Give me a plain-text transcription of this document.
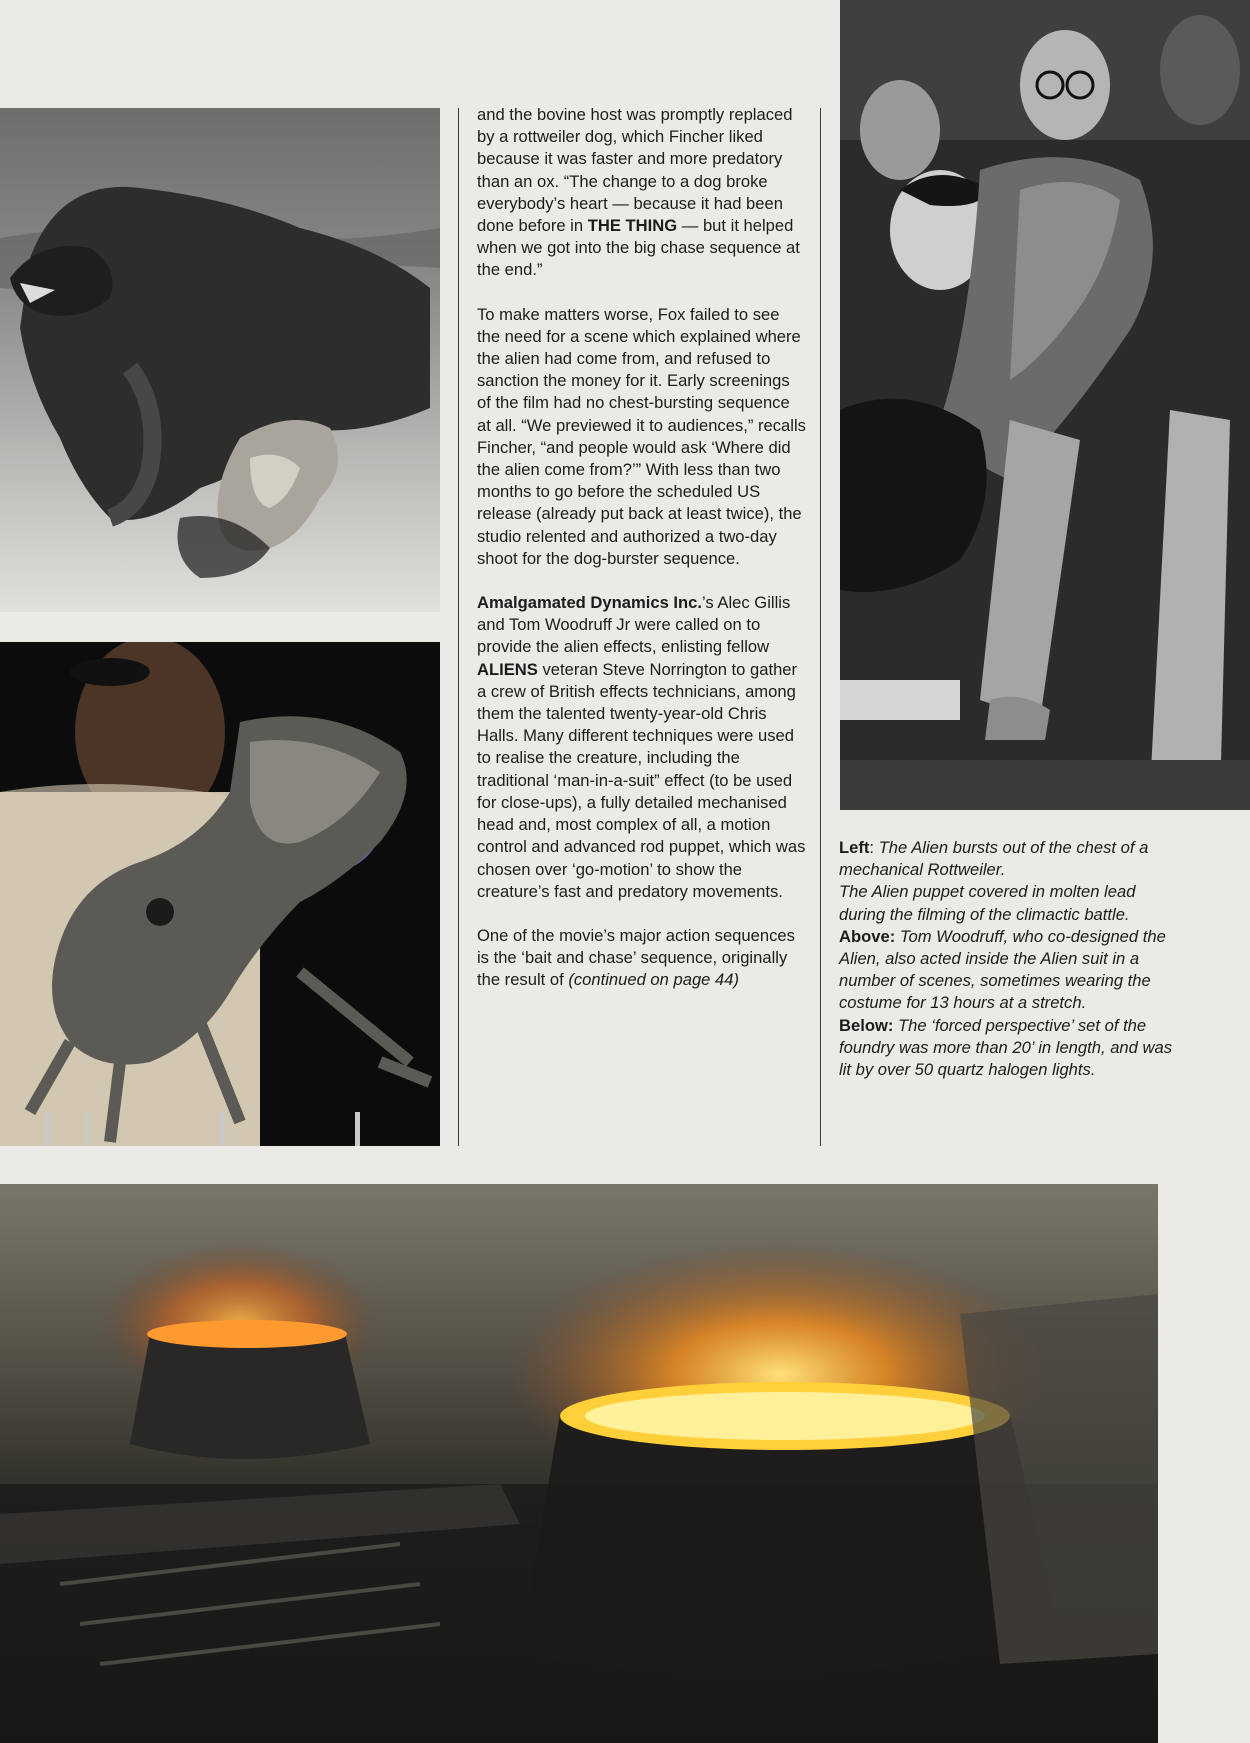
and the bovine host was promptly replaced by a rottweiler dog, which Fincher liked because it was faster and more predatory than an ox. “The change to a dog broke everybody’s heart — because it had been done before in THE THING — but it helped when we got into the big chase sequence at the end.”

To make matters worse, Fox failed to see the need for a scene which explained where the alien had come from, and refused to sanction the money for it. Early screenings of the film had no chest-bursting sequence at all. “We previewed it to audiences,” recalls Fincher, “and people would ask ‘Where did the alien come from?’” With less than two months to go before the scheduled US release (already put back at least twice), the studio relented and authorized a two-day shoot for the dog-burster sequence.

Amalgamated Dynamics Inc.’s Alec Gillis and Tom Woodruff Jr were called on to provide the alien effects, enlisting fellow ALIENS veteran Steve Norrington to gather a crew of British effects technicians, among them the talented twenty-year-old Chris Halls. Many different techniques were used to realise the creature, including the traditional ‘man-in-a-suit” effect (to be used for close-ups), a fully detailed mechanised head and, most complex of all, a motion control and advanced rod puppet, which was chosen over ‘go-motion’ to show the creature’s fast and predatory movements.

One of the movie’s major action sequences is the ‘bait and chase’ sequence, originally the result of (continued on page 44)

Left: The Alien bursts out of the chest of a mechanical Rottweiler.
The Alien puppet covered in molten lead during the filming of the climactic battle.
Above: Tom Woodruff, who co-designed the Alien, also acted inside the Alien suit in a number of scenes, sometimes wearing the costume for 13 hours at a stretch.
Below: The ‘forced perspective’ set of the foundry was more than 20’ in length, and was lit by over 50 quartz halogen lights.
